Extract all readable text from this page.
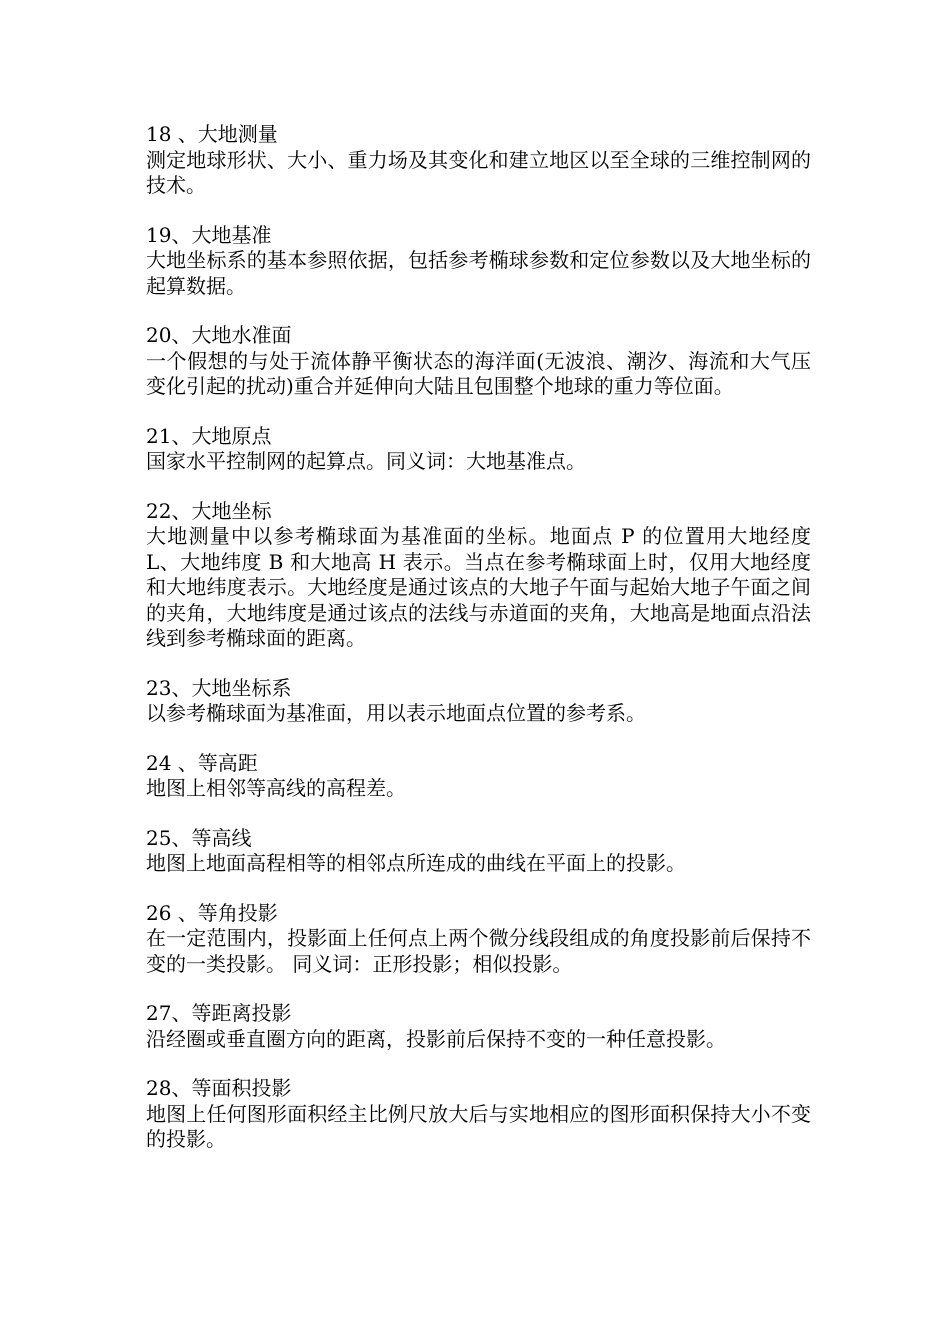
18 、大地测量

测定地球形状、大小、重力场及其变化和建立地区以至全球的三维控制网的技术。

19、大地基准

大地坐标系的基本参照依据，包括参考椭球参数和定位参数以及大地坐标的起算数据。

20、大地水准面

一个假想的与处于流体静平衡状态的海洋面(无波浪、潮汐、海流和大气压变化引起的扰动)重合并延伸向大陆且包围整个地球的重力等位面。

21、大地原点

国家水平控制网的起算点。同义词：大地基准点。

22、大地坐标

大地测量中以参考椭球面为基准面的坐标。地面点 P 的位置用大地经度 L、大地纬度 B 和大地高 H 表示。当点在参考椭球面上时，仅用大地经度和大地纬度表示。大地经度是通过该点的大地子午面与起始大地子午面之间的夹角，大地纬度是通过该点的法线与赤道面的夹角，大地高是地面点沿法线到参考椭球面的距离。

23、大地坐标系

以参考椭球面为基准面，用以表示地面点位置的参考系。

24 、等高距

地图上相邻等高线的高程差。

25、等高线

地图上地面高程相等的相邻点所连成的曲线在平面上的投影。

26 、等角投影

在一定范围内，投影面上任何点上两个微分线段组成的角度投影前后保持不变的一类投影。 同义词：正形投影；相似投影。

27、等距离投影

沿经圈或垂直圈方向的距离，投影前后保持不变的一种任意投影。

28、等面积投影

地图上任何图形面积经主比例尺放大后与实地相应的图形面积保持大小不变的投影。
